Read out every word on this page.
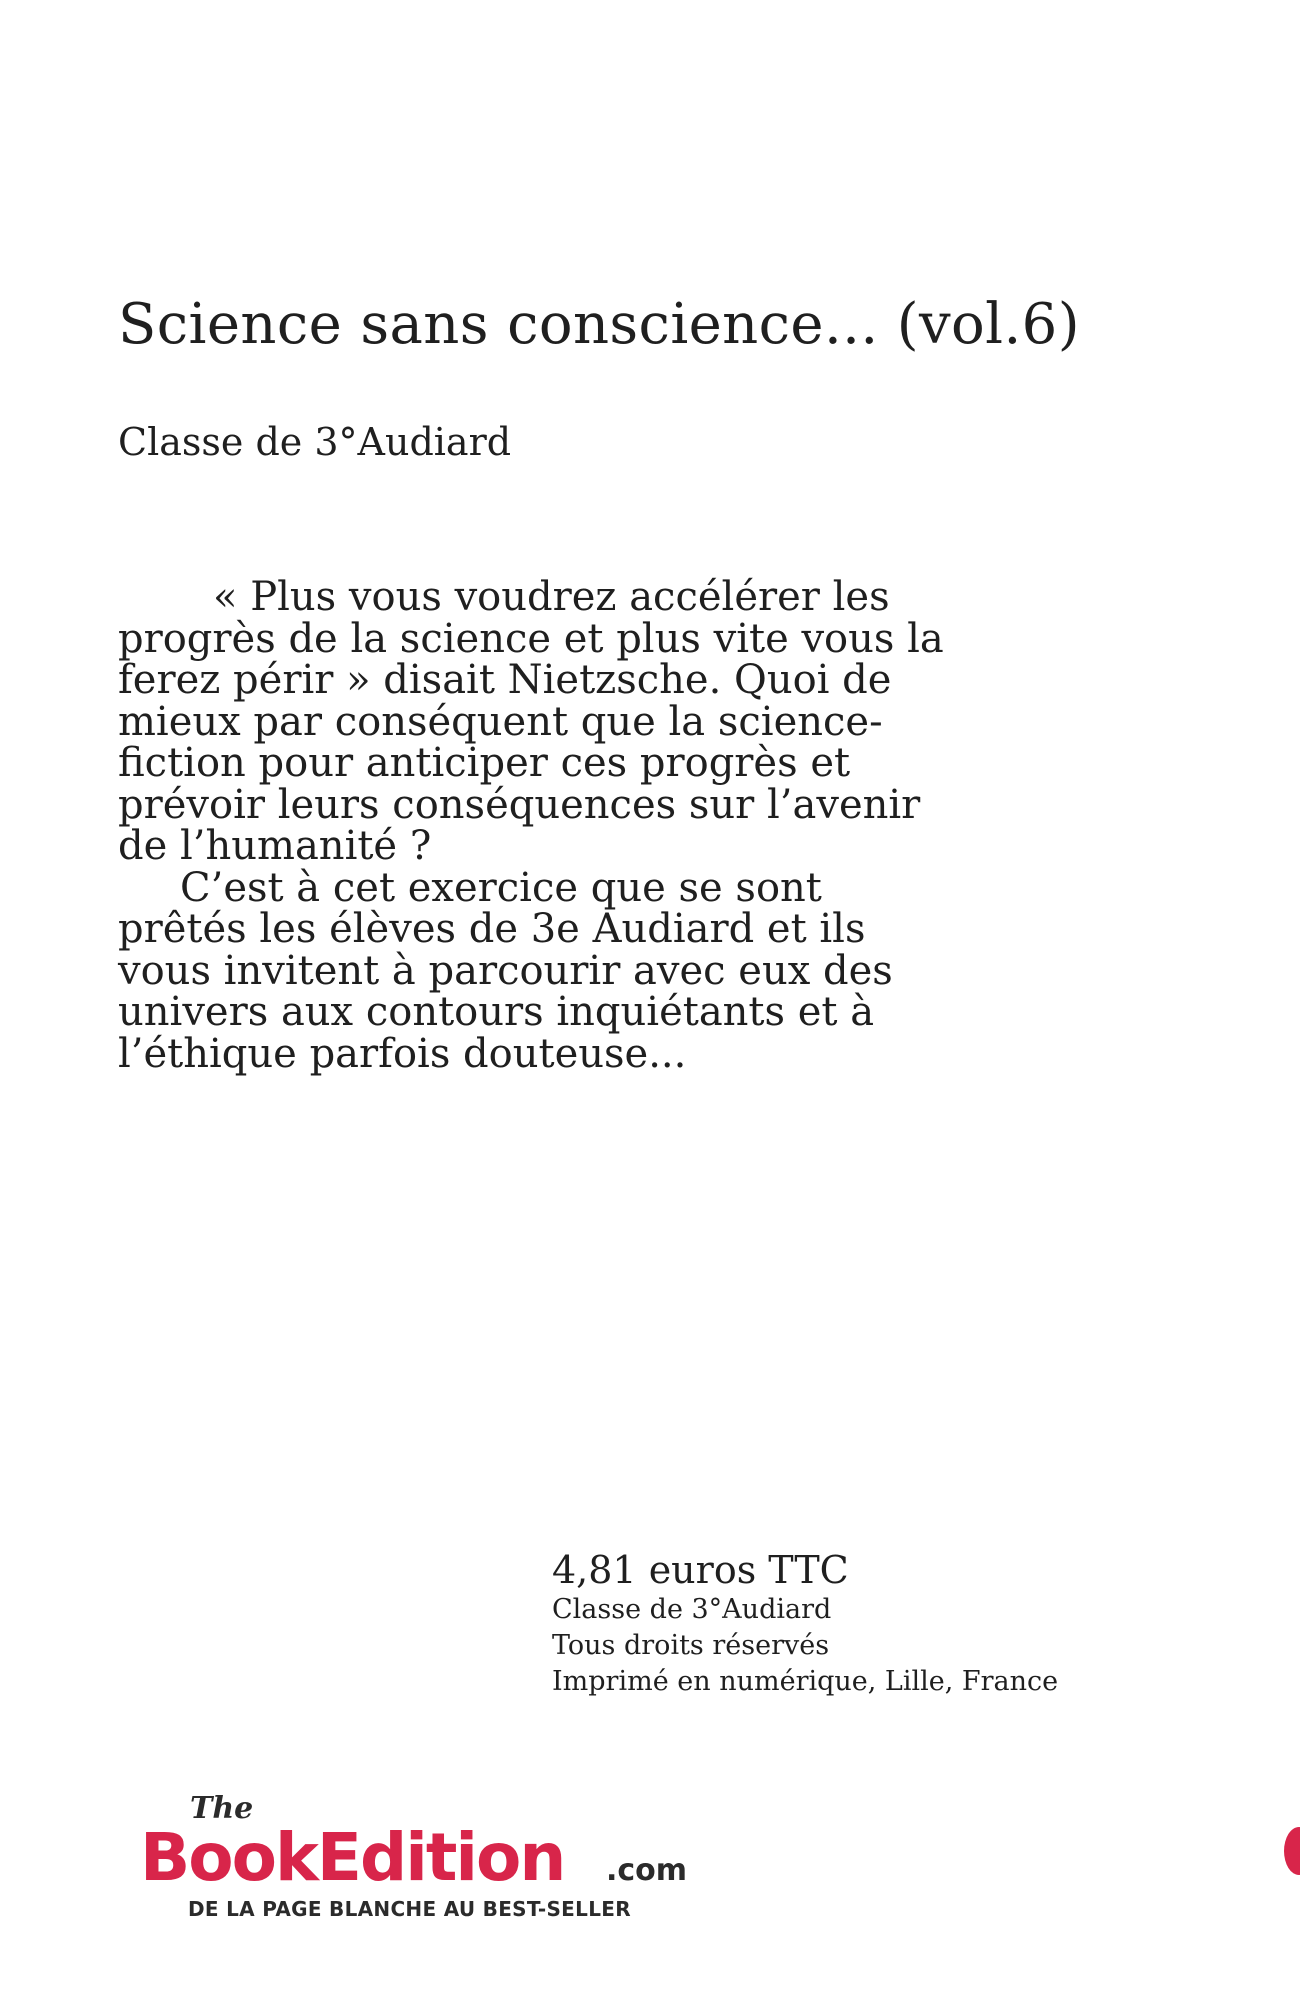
Science sans conscience... (vol.6)

Classe de 3°Audiard

« Plus vous voudrez accélérer les

progrès de la science et plus vite vous la

ferez périr » disait Nietzsche. Quoi de

mieux par conséquent que la science-

fiction pour anticiper ces progrès et

prévoir leurs conséquences sur l’avenir

de l’humanité ?

C’est à cet exercice que se sont

prêtés les élèves de 3e Audiard et ils

vous invitent à parcourir avec eux des

univers aux contours inquiétants et à

l’éthique parfois douteuse...

4,81 euros TTC

Classe de 3°Audiard

Tous droits réservés

Imprimé en numérique, Lille, France

The
BookEdition .com
DE LA PAGE BLANCHE AU BEST-SELLER
